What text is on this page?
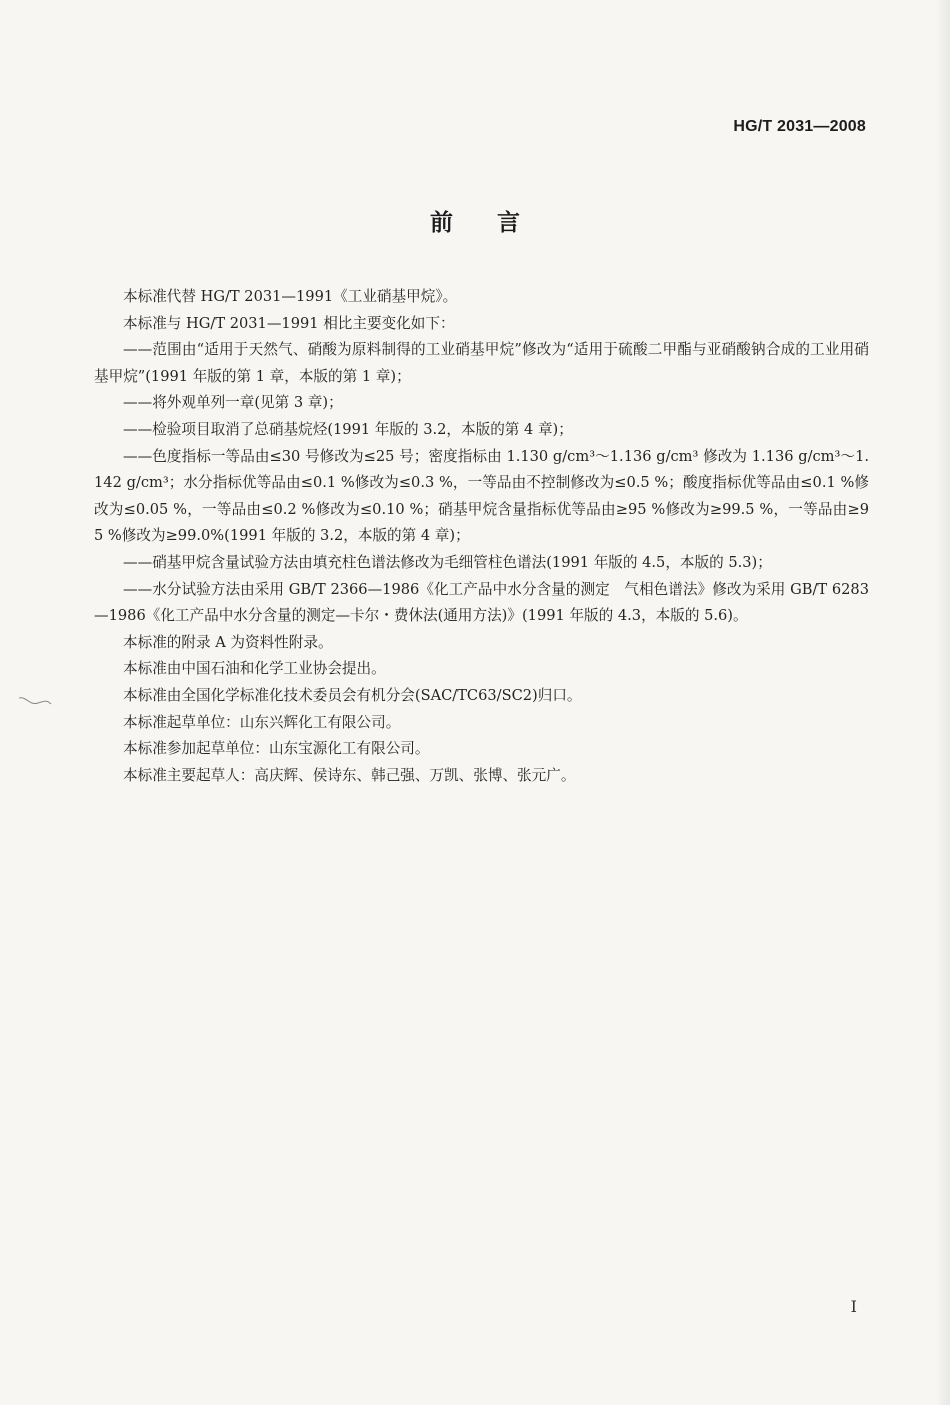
HG/T 2031—2008
前言

本标准代替 HG/T 2031—1991《工业硝基甲烷》。

本标准与 HG/T 2031—1991 相比主要变化如下：

——范围由“适用于天然气、硝酸为原料制得的工业硝基甲烷”修改为“适用于硫酸二甲酯与亚硝酸钠合成的工业用硝基甲烷”(1991 年版的第 1 章，本版的第 1 章)；

——将外观单列一章(见第 3 章)；

——检验项目取消了总硝基烷烃(1991 年版的 3.2，本版的第 4 章)；

——色度指标一等品由≤30 号修改为≤25 号；密度指标由 1.130 g/cm³～1.136 g/cm³ 修改为 1.136 g/cm³～1.142 g/cm³；水分指标优等品由≤0.1 %修改为≤0.3 %，一等品由不控制修改为≤0.5 %；酸度指标优等品由≤0.1 %修改为≤0.05 %，一等品由≤0.2 %修改为≤0.10 %；硝基甲烷含量指标优等品由≥95 %修改为≥99.5 %，一等品由≥95 %修改为≥99.0%(1991 年版的 3.2，本版的第 4 章)；

——硝基甲烷含量试验方法由填充柱色谱法修改为毛细管柱色谱法(1991 年版的 4.5，本版的 5.3)；

——水分试验方法由采用 GB/T 2366—1986《化工产品中水分含量的测定　气相色谱法》修改为采用 GB/T 6283—1986《化工产品中水分含量的测定—卡尔・费休法(通用方法)》(1991 年版的 4.3，本版的 5.6)。

本标准的附录 A 为资料性附录。

本标准由中国石油和化学工业协会提出。

本标准由全国化学标准化技术委员会有机分会(SAC/TC63/SC2)归口。

本标准起草单位：山东兴辉化工有限公司。

本标准参加起草单位：山东宝源化工有限公司。

本标准主要起草人：高庆辉、侯诗东、韩己强、万凯、张博、张元广。

I
